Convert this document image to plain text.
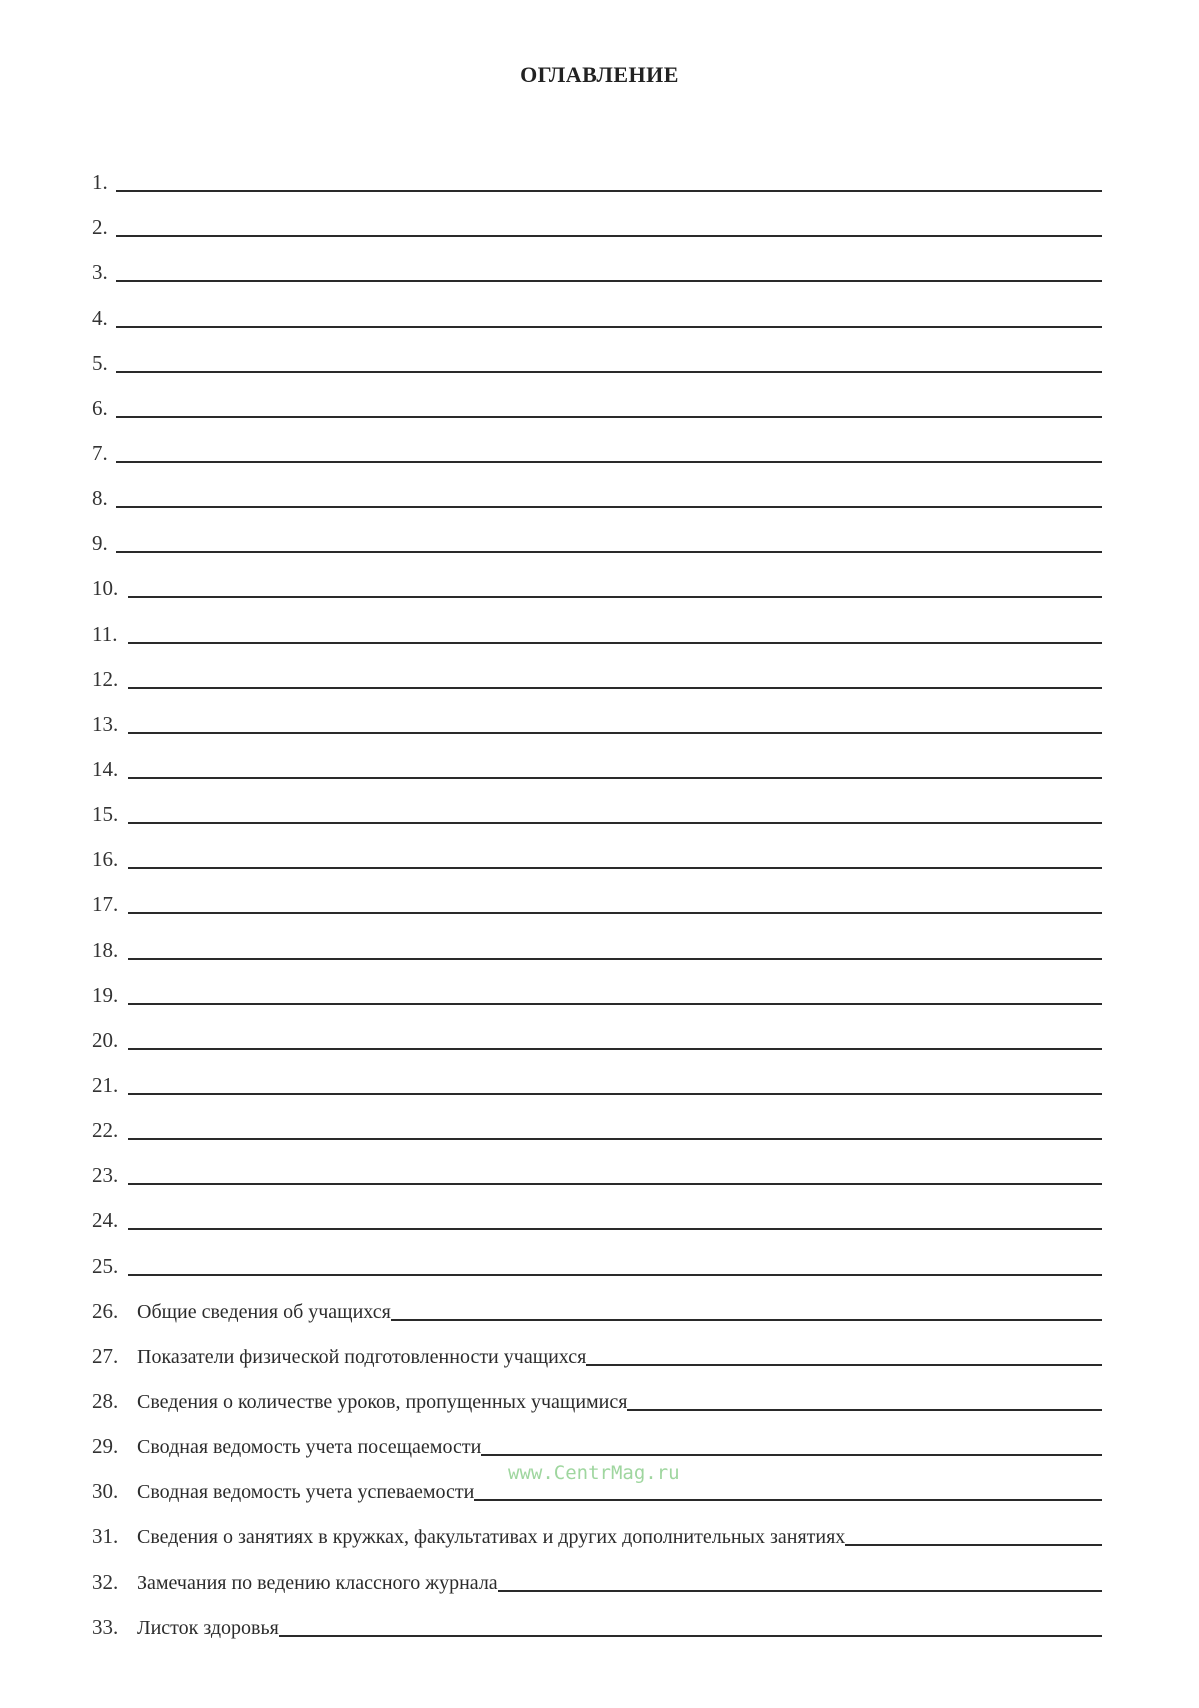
ОГЛАВЛЕНИЕ
1.
2.
3.
4.
5.
6.
7.
8.
9.
10.
11.
12.
13.
14.
15.
16.
17.
18.
19.
20.
21.
22.
23.
24.
25.
26. Общие сведения об учащихся
27. Показатели физической подготовленности учащихся
28. Сведения о количестве уроков, пропущенных учащимися
29. Сводная ведомость учета посещаемости
30. Сводная ведомость учета успеваемости
31. Сведения о занятиях в кружках, факультативах и других дополнительных занятиях
32. Замечания по ведению классного журнала
33. Листок здоровья
www.CentrMag.ru
